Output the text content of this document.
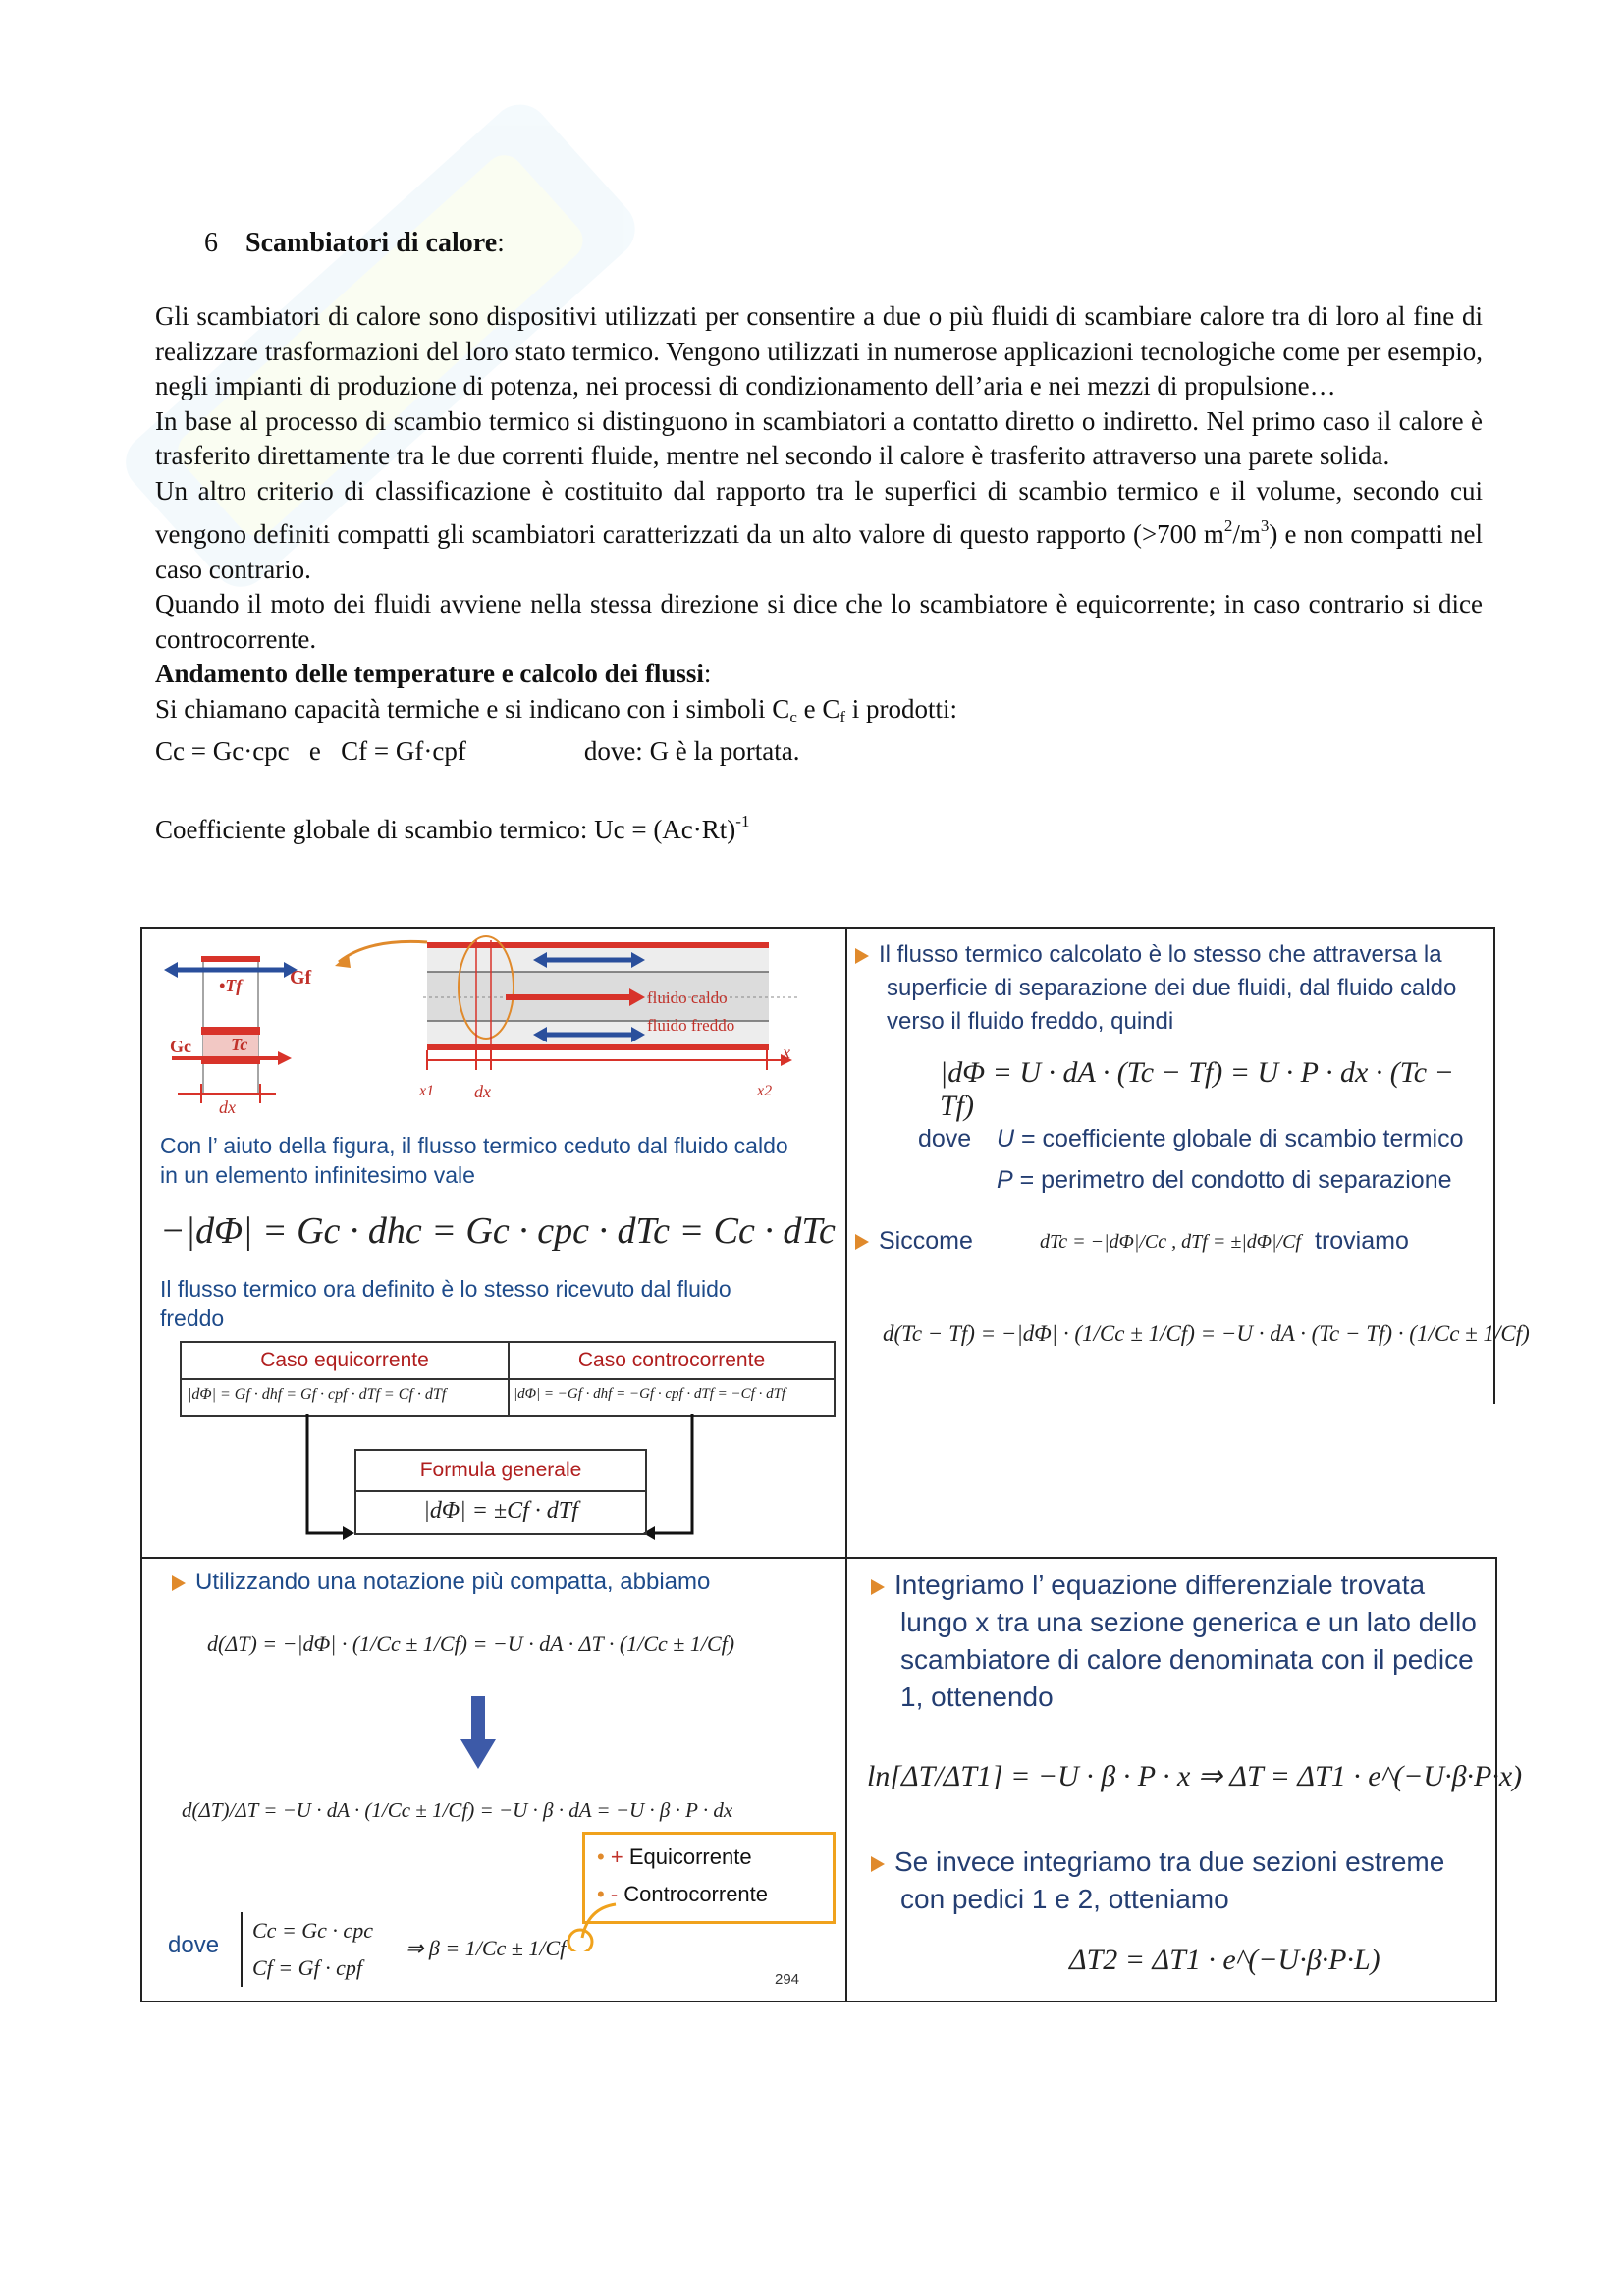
6 Scambiatori di calore:

Gli scambiatori di calore sono dispositivi utilizzati per consentire a due o più fluidi di scambiare calore tra di loro al fine di realizzare trasformazioni del loro stato termico. Vengono utilizzati in numerose applicazioni tecnologiche come per esempio, negli impianti di produzione di potenza, nei processi di condizionamento dell’aria e nei mezzi di propulsione…

In base al processo di scambio termico si distinguono in scambiatori a contatto diretto o indiretto. Nel primo caso il calore è trasferito direttamente tra le due correnti fluide, mentre nel secondo il calore è trasferito attraverso una parete solida.

Un altro criterio di classificazione è costituito dal rapporto tra le superfici di scambio termico e il volume, secondo cui vengono definiti compatti gli scambiatori caratterizzati da un alto valore di questo rapporto (>700 $m^2/m^3$) e non compatti nel caso contrario.

Quando il moto dei fluidi avviene nella stessa direzione si dice che lo scambiatore è equicorrente; in caso contrario si dice controcorrente.

Andamento delle temperature e calcolo dei flussi:

Si chiamano capacità termiche e si indicano con i simboli $C_c$ e $C_f$ i prodotti:

Cc = Gc·cpc   e   Cf = Gf·cpf	dove: G è la portata.

Coefficiente globale di scambio termico: $Uc = (Ac\cdot Rt)^{-1}$

Gf
•Tf
Gc Tc
dx
fluido caldo
fluido freddo
x
x1 dx	x2
Con l’ aiuto della figura, il flusso termico ceduto dal fluido caldo in un elemento infinitesimo vale
−|dΦ| = Gc · dhc = Gc · cpc · dTc = Cc · dTc
Il flusso termico ora definito è lo stesso ricevuto dal fluido freddo
Caso equicorrente	Caso controcorrente
|dΦ| = Gf · dhf = Gf · cpf · dTf = Cf · dTf	|dΦ| = −Gf · dhf = −Gf · cpf · dTf = −Cf · dTf
Formula generale
|dΦ| = ±Cf · dTf
Il flusso termico calcolato è lo stesso che attraversa la superficie di separazione dei due fluidi, dal fluido caldo verso il fluido freddo, quindi
|dΦ = U · dA · (Tc − Tf) = U · P · dx · (Tc − Tf)
dove U = coefficiente globale di scambio termico
P = perimetro del condotto di separazione
Siccome	dTc = −|dΦ|/Cc , dTf = ±|dΦ|/Cf troviamo
d(Tc − Tf) = −|dΦ| · (1/Cc ± 1/Cf) = −U · dA · (Tc − Tf) · (1/Cc ± 1/Cf)
Utilizzando una notazione più compatta, abbiamo
d(ΔT) = −|dΦ| · (1/Cc ± 1/Cf) = −U · dA · ΔT · (1/Cc ± 1/Cf)
d(ΔT)/ΔT = −U · dA · (1/Cc ± 1/Cf) = −U · β · dA = −U · β · P · dx
• + Equicorrente
• - Controcorrente
dove
Cc = Gc · cpc
Cf = Gf · cpf
⇒ β = 1/Cc ± 1/Cf
294
Integriamo l’ equazione differenziale trovata lungo x tra una sezione generica e un lato dello scambiatore di calore denominata con il pedice 1, ottenendo
ln[ΔT/ΔT1] = −U · β · P · x ⇒ ΔT = ΔT1 · e^(−U·β·P·x)
Se invece integriamo tra due sezioni estreme con pedici 1 e 2, otteniamo
ΔT2 = ΔT1 · e^(−U·β·P·L)
